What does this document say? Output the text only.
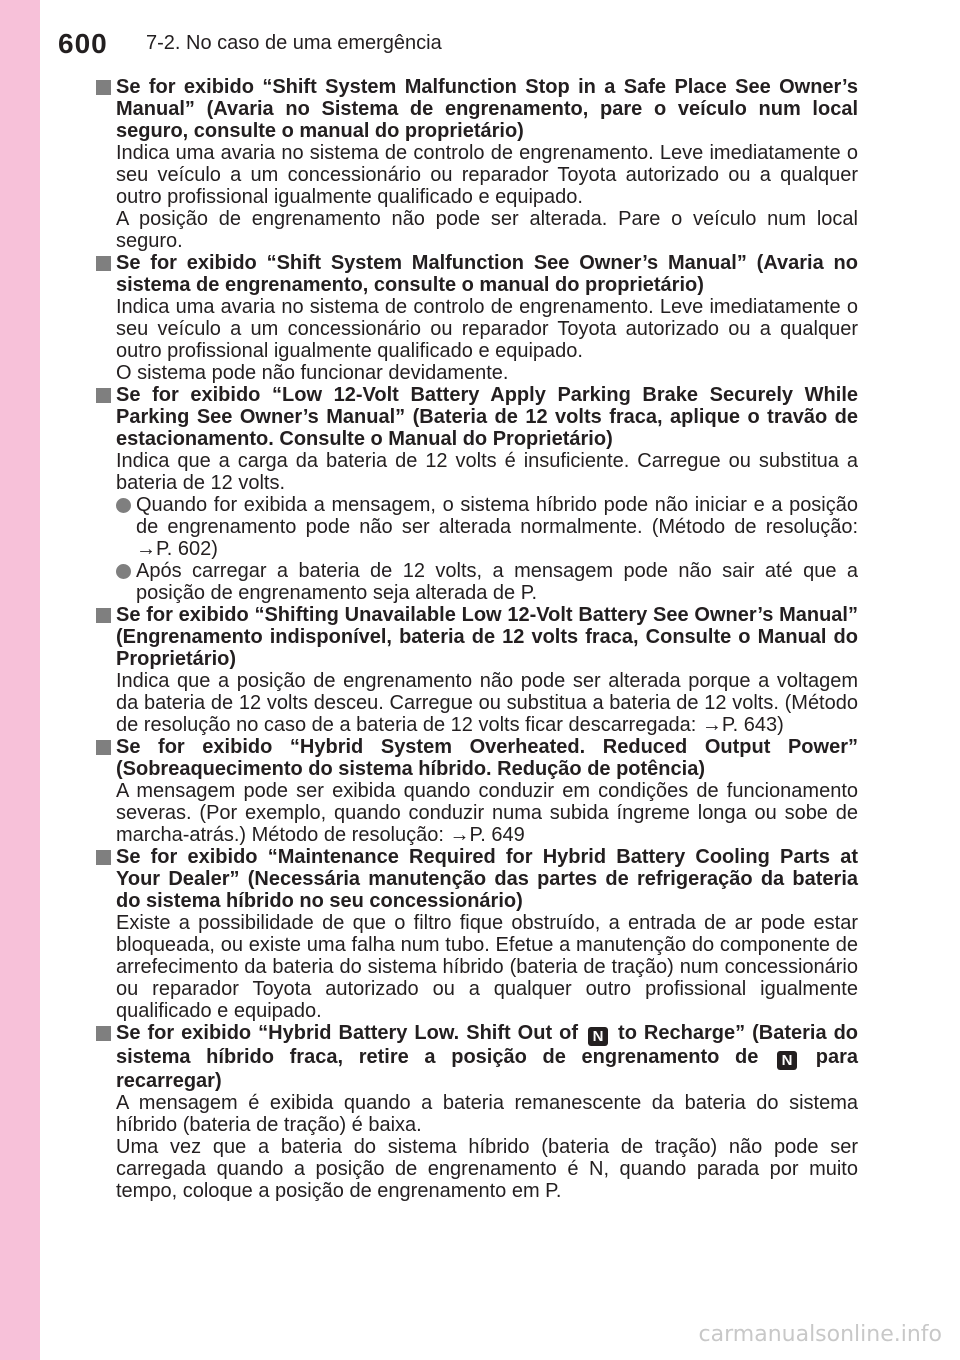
600 7-2. No caso de uma emergência
Se for exibido “Shift System Malfunction Stop in a Safe Place See Owner’s Manual” (Avaria no Sistema de engrenamento, pare o veículo num local seguro, consulte o manual do proprietário)
Indica uma avaria no sistema de controlo de engrenamento. Leve imediatamente o seu veículo a um concessionário ou reparador Toyota autorizado ou a qualquer outro profissional igualmente qualificado e equipado.
A posição de engrenamento não pode ser alterada. Pare o veículo num local seguro.
Se for exibido “Shift System Malfunction See Owner’s Manual” (Avaria no sistema de engrenamento, consulte o manual do proprietário)
Indica uma avaria no sistema de controlo de engrenamento. Leve imediatamente o seu veículo a um concessionário ou reparador Toyota autorizado ou a qualquer outro profissional igualmente qualificado e equipado.
O sistema pode não funcionar devidamente.
Se for exibido “Low 12-Volt Battery Apply Parking Brake Securely While Parking See Owner’s Manual” (Bateria de 12 volts fraca, aplique o travão de estacionamento. Consulte o Manual do Proprietário)
Indica que a carga da bateria de 12 volts é insuficiente. Carregue ou substitua a bateria de 12 volts.
Quando for exibida a mensagem, o sistema híbrido pode não iniciar e a posição de engrenamento pode não ser alterada normalmente. (Método de resolução: →P. 602)
Após carregar a bateria de 12 volts, a mensagem pode não sair até que a posição de engrenamento seja alterada de P.
Se for exibido “Shifting Unavailable Low 12-Volt Battery See Owner’s Manual” (Engrenamento indisponível, bateria de 12 volts fraca, Consulte o Manual do Proprietário)
Indica que a posição de engrenamento não pode ser alterada porque a voltagem da bateria de 12 volts desceu. Carregue ou substitua a bateria de 12 volts. (Método de resolução no caso de a bateria de 12 volts ficar descarregada: →P. 643)
Se for exibido “Hybrid System Overheated. Reduced Output Power” (Sobreaquecimento do sistema híbrido. Redução de potência)
A mensagem pode ser exibida quando conduzir em condições de funcionamento severas. (Por exemplo, quando conduzir numa subida íngreme longa ou sobe de marcha-atrás.) Método de resolução: →P. 649
Se for exibido “Maintenance Required for Hybrid Battery Cooling Parts at Your Dealer” (Necessária manutenção das partes de refrigeração da bateria do sistema híbrido no seu concessionário)
Existe a possibilidade de que o filtro fique obstruído, a entrada de ar pode estar bloqueada, ou existe uma falha num tubo. Efetue a manutenção do componente de arrefecimento da bateria do sistema híbrido (bateria de tração) num concessionário ou reparador Toyota autorizado ou a qualquer outro profissional igualmente qualificado e equipado.
Se for exibido “Hybrid Battery Low. Shift Out of N to Recharge” (Bateria do sistema híbrido fraca, retire a posição de engrenamento de N para recarregar)
A mensagem é exibida quando a bateria remanescente da bateria do sistema híbrido (bateria de tração) é baixa.
Uma vez que a bateria do sistema híbrido (bateria de tração) não pode ser carregada quando a posição de engrenamento é N, quando parada por muito tempo, coloque a posição de engrenamento em P.
carmanualsonline.info
